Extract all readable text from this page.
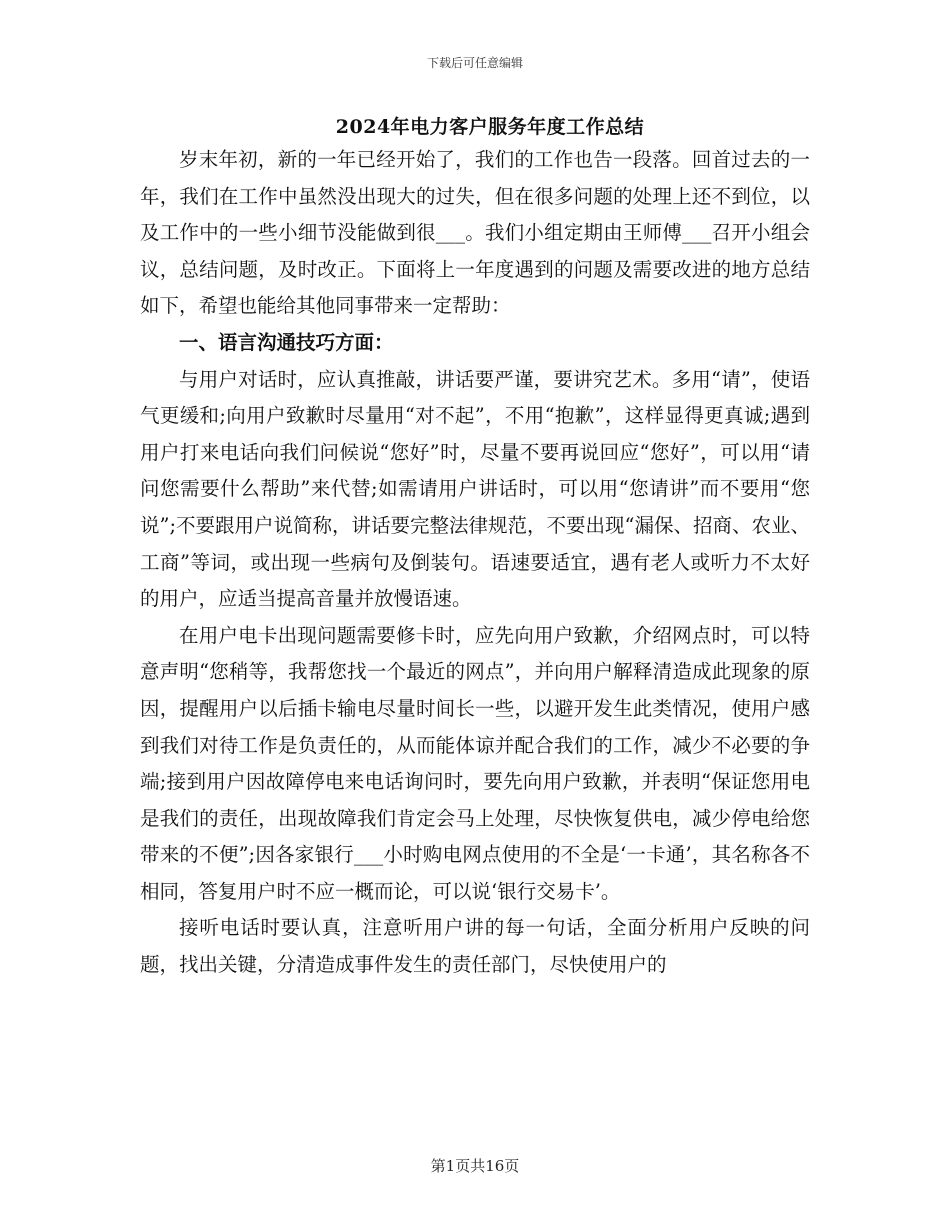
下载后可任意编辑
2024年电力客户服务年度工作总结

岁末年初，新的一年已经开始了，我们的工作也告一段落。回首过去的一年，我们在工作中虽然没出现大的过失，但在很多问题的处理上还不到位，以及工作中的一些小细节没能做到很___。我们小组定期由王师傅___召开小组会议，总结问题，及时改正。下面将上一年度遇到的问题及需要改进的地方总结如下，希望也能给其他同事带来一定帮助：

一、语言沟通技巧方面：

与用户对话时，应认真推敲，讲话要严谨，要讲究艺术。多用“请”，使语气更缓和;向用户致歉时尽量用“对不起”，不用“抱歉”，这样显得更真诚;遇到用户打来电话向我们问候说“您好”时，尽量不要再说回应“您好”，可以用“请问您需要什么帮助”来代替;如需请用户讲话时，可以用“您请讲”而不要用“您说”;不要跟用户说简称，讲话要完整法律规范，不要出现“漏保、招商、农业、工商”等词，或出现一些病句及倒装句。语速要适宜，遇有老人或听力不太好的用户，应适当提高音量并放慢语速。

在用户电卡出现问题需要修卡时，应先向用户致歉，介绍网点时，可以特意声明“您稍等，我帮您找一个最近的网点”，并向用户解释清造成此现象的原因，提醒用户以后插卡输电尽量时间长一些，以避开发生此类情况，使用户感到我们对待工作是负责任的，从而能体谅并配合我们的工作，减少不必要的争端;接到用户因故障停电来电话询问时，要先向用户致歉，并表明“保证您用电是我们的责任，出现故障我们肯定会马上处理，尽快恢复供电，减少停电给您带来的不便”;因各家银行___小时购电网点使用的不全是‘一卡通’，其名称各不相同，答复用户时不应一概而论，可以说‘银行交易卡’。

接听电话时要认真，注意听用户讲的每一句话，全面分析用户反映的问题，找出关键，分清造成事件发生的责任部门，尽快使用户的

第1页共16页
